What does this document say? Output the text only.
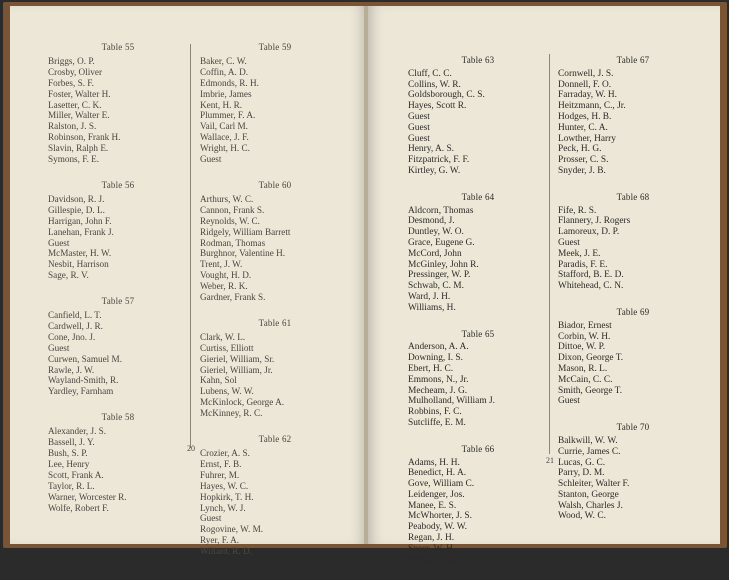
Table 55
Briggs, O. P.
Crosby, Oliver
Forbes, S. F.
Foster, Walter H.
Lasetter, C. K.
Miller, Walter E.
Ralston, J. S.
Robinson, Frank H.
Slavin, Ralph E.
Symons, F. E.
Table 56
Davidson, R. J.
Gillespie, D. L.
Harrigan, John F.
Lanehan, Frank J.
Guest
McMaster, H. W.
Nesbit, Harrison
Sage, R. V.
Table 57
Canfield, L. T.
Cardwell, J. R.
Cone, Jno. J.
Guest
Curwen, Samuel M.
Rawle, J. W.
Wayland-Smith, R.
Yardley, Farnham
Table 58
Alexander, J. S.
Bassell, J. Y.
Bush, S. P.
Lee, Henry
Scott, Frank A.
Taylor, R. L.
Warner, Worcester R.
Wolfe, Robert F.
Table 59
Baker, C. W.
Coffin, A. D.
Edmonds, R. H.
Imbrie, James
Kent, H. R.
Plummer, F. A.
Vail, Carl M.
Wallace, J. F.
Wright, H. C.
Guest
Table 60
Arthurs, W. C.
Cannon, Frank S.
Reynolds, W. C.
Ridgely, William Barrett
Rodman, Thomas
Burghnor, Valentine H.
Trent, J. W.
Vought, H. D.
Weber, R. K.
Gardner, Frank S.
Table 61
Clark, W. L.
Curtiss, Elliott
Gieriel, William, Sr.
Gieriel, William, Jr.
Kahn, Sol
Lubens, W. W.
McKinlock, George A.
McKinney, R. C.
Table 62
Crozier, A. S.
Ernst, F. B.
Fuhrer, M.
Hayes, W. C.
Hopkirk, T. H.
Lynch, W. J.
Guest
Rogovine, W. M.
Ryer, F. A.
Willard, R. D.
20
Table 63
Cluff, C. C.
Collins, W. R.
Goldsborough, C. S.
Hayes, Scott R.
Guest
Guest
Guest
Henry, A. S.
Fitzpatrick, F. F.
Kirtley, G. W.
Table 64
Aldcorn, Thomas
Desmond, J.
Duntley, W. O.
Grace, Eugene G.
McCord, John
McGinley, John R.
Pressinger, W. P.
Schwab, C. M.
Ward, J. H.
Williams, H.
Table 65
Anderson, A. A.
Downing, I. S.
Ebert, H. C.
Emmons, N., Jr.
Mecheam, J. G.
Mulholland, William J.
Robbins, F. C.
Sutcliffe, E. M.
Table 66
Adams, H. H.
Benedict, H. A.
Gove, William C.
Leidenger, Jos.
Manee, E. S.
McWhorter, J. S.
Peabody, W. W.
Regan, J. H.
Speer, W. H.
Wood, W. D.
Table 67
Cornwell, J. S.
Donnell, F. O.
Farraday, W. H.
Heitzmann, C., Jr.
Hodges, H. B.
Hunter, C. A.
Lowther, Harry
Peck, H. G.
Prosser, C. S.
Snyder, J. B.
Table 68
Fife, R. S.
Flannery, J. Rogers
Lamoreux, D. P.
Guest
Meek, J. E.
Paradis, F. E.
Stafford, B. E. D.
Whitehead, C. N.
Table 69
Biador, Ernest
Corbin, W. H.
Dittoe, W. P.
Dixon, George T.
Mason, R. L.
McCain, C. C.
Smith, George T.
Guest
Table 70
Balkwill, W. W.
Currie, James C.
Lucas, G. C.
Parry, D. M.
Schleiter, Walter F.
Stanton, George
Walsh, Charles J.
Wood, W. C.
21
